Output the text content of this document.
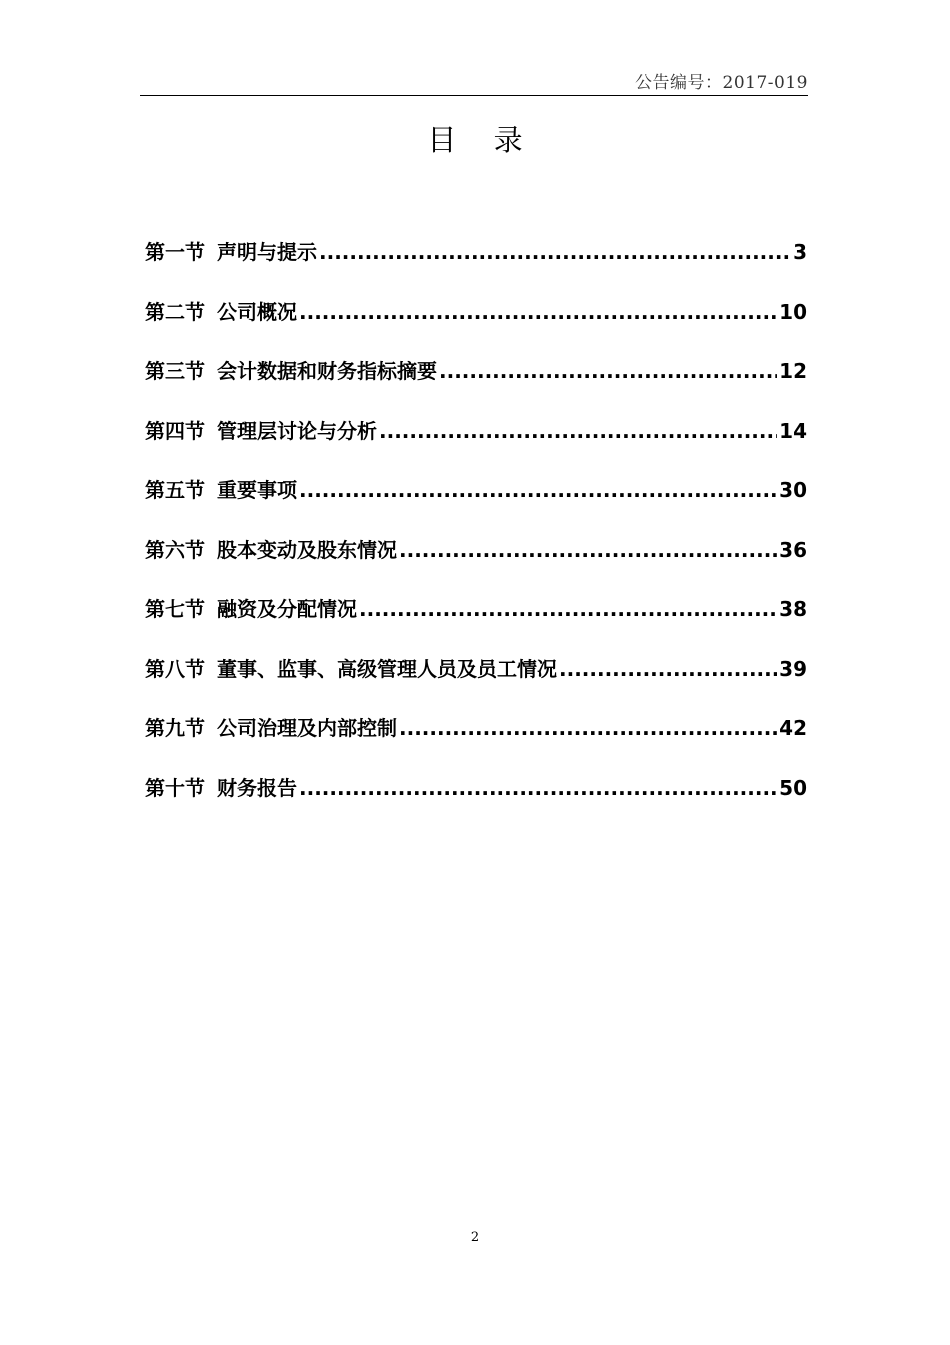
公告编号：2017-019
目 录
第一节 声明与提示 .....	3
第二节 公司概况 .....	10
第三节 会计数据和财务指标摘要 .....	12
第四节 管理层讨论与分析 .....	14
第五节 重要事项 .....	30
第六节 股本变动及股东情况 .....	36
第七节 融资及分配情况 .....	38
第八节 董事、监事、高级管理人员及员工情况 .....	39
第九节 公司治理及内部控制 .....	42
第十节 财务报告 .....	50
2
